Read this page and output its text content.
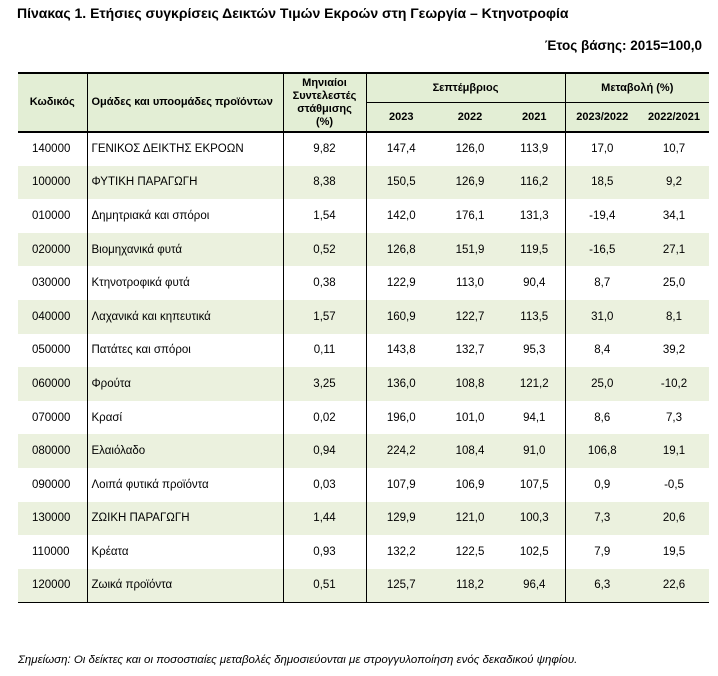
Πίνακας 1. Ετήσιες συγκρίσεις Δεικτών Τιμών Εκροών στη Γεωργία – Κτηνοτροφία
Έτος βάσης: 2015=100,0
Κωδικός	Ομάδες και υποομάδες προϊόντων	Μηνιαίοι Συντελεστές στάθμισης (%)	Σεπτέμβριος			Μεταβολή (%)	
			2023	2022	2021	2023/2022	2022/2021
140000	ΓΕΝΙΚΟΣ ΔΕΙΚΤΗΣ ΕΚΡΟΩΝ	9,82	147,4	126,0	113,9	17,0	10,7
100000	ΦΥΤΙΚΗ ΠΑΡΑΓΩΓΗ	8,38	150,5	126,9	116,2	18,5	9,2
010000	Δημητριακά και σπόροι	1,54	142,0	176,1	131,3	-19,4	34,1
020000	Βιομηχανικά φυτά	0,52	126,8	151,9	119,5	-16,5	27,1
030000	Κτηνοτροφικά φυτά	0,38	122,9	113,0	90,4	8,7	25,0
040000	Λαχανικά και κηπευτικά	1,57	160,9	122,7	113,5	31,0	8,1
050000	Πατάτες και σπόροι	0,11	143,8	132,7	95,3	8,4	39,2
060000	Φρούτα	3,25	136,0	108,8	121,2	25,0	-10,2
070000	Κρασί	0,02	196,0	101,0	94,1	8,6	7,3
080000	Ελαιόλαδο	0,94	224,2	108,4	91,0	106,8	19,1
090000	Λοιπά φυτικά προϊόντα	0,03	107,9	106,9	107,5	0,9	-0,5
130000	ΖΩΙΚΗ ΠΑΡΑΓΩΓΗ	1,44	129,9	121,0	100,3	7,3	20,6
110000	Κρέατα	0,93	132,2	122,5	102,5	7,9	19,5
120000	Ζωικά προϊόντα	0,51	125,7	118,2	96,4	6,3	22,6
Σημείωση: Οι δείκτες και οι ποσοστιαίες μεταβολές δημοσιεύονται με στρογγυλοποίηση ενός δεκαδικού ψηφίου.
